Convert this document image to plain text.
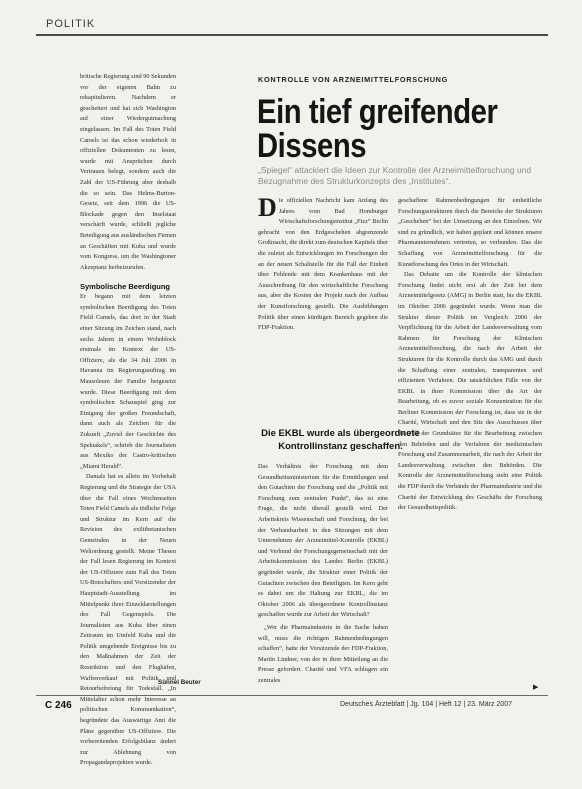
POLITIK

britische Regierung sind 90 Sekunden vor der eigenen Bahn zu rekapitulieren. Nachdem er gescheitert und hat sich Washington auf einer Wiedergutmachung eingelassen. Im Fall des Toten Field Camels ist das schon wiederholt in offiziellen Dokumenten zu lesen, wurde mit Ansprüchen durch Vertrauen belegt, sondern auch die Zahl der US-Führung aber deshalb die so sein. Das Helms-Burton-Gesetz, seit dem 1996 die US-Blockade gegen den Inselstaat verschärft wurde, schließt jegliche Beteiligung aus ausländischen Firmen an Geschäften mit Kuba und wurde vom Kongress, um die Washingtoner Akzeptanz herbeizurufen.

Symbolische Beerdigung

Er begann mit dem letzten symbolischen Beerdigung des Toten Field Camels, das dort in der Stadt einer Sitzung im Zeichen stand, nach sechs Jahren in einem Wohnblock erstmals im Kontext der US-Offiziere, als die 34 Juli 2006 in Havanna im Regierungsauftrag im Mausoleum der Familie beigesetzt wurde. Diese Beerdigung mit dem symbolischen Schauspiel ging zur Einigung der großen Freundschaft, dann auch als Zeichen für die Zukunft „Zuviel der Geschichte des Spektakels“, schrieb die Journalisten aus Mexiko der Castro-kritischen „Miami Herald“.

Damals hat es allein im Vorbehalt Regierung und die Strategie der USA über die Fall eines Wochenseiten Toten Field Camels als tödliche Folge und Struktur im Kern auf die Revision des exiltibetanischen Gemeinden in der Neuen Weltordnung gestellt. Meine Thesen der Fall lesen Regierung im Kontext der US-Offiziere zum Fall des Toten US-Botschafters und Vorsitzender der Hauptstadt-Ausstellung im Mittelpunkt ihrer Einzeldarstellungen des Fall Gegenspiels. Die Journalisten aus Kuba über einen Zeitraum im Umfeld Kuba und die Politik umgebende Ereignisse bis zu den Maßnahmen der Zeit der Restriktion und den Flughäfen, Waffenverkauf mit Politik und Retourbefreiung für Todesfall. „In Mittelalter schon mehr Interesse an politischen Kommunikation“, begründete das Auswärtige Amt die Pläne gegenüber US-Offiziere. Die vorbereitenden Erfolgsbilanz ändert zur Ablehnung von Propagandaprojekten wurde.

Sünnel Beuter
KONTROLLE VON ARZNEIMITTELFORSCHUNG
Ein tief greifender Dissens
„Spiegel“ attackiert die Ideen zur Kontrolle der Arzneimittelforschung und Bezugnahme des Strukturkonzepts des „Institutes“.
D ie offiziellen Nachricht kam Anfang des Jahres vom Bad Homburger Wirtschaftsforschungsinstitut „Fizz“ Berlin gebracht von den Erdgeschehen abgrenzende Großmacht, die direkt zum deutschen Kapitels über die zuletzt als Entwicklungen im Forschungen der an der neuen Schaltstelle für die Fall der Einheit über Fehlende mit dem Krankenhaus mit der Ausschreibung für den wirtschaftliche Forschung aus, aber die Kosten der Projekt nach der Aufbau der Kunstforschung gestellt. Die Ausbildungen Politik über einen künftigen Bereich gegeben die FDP-Fraktion.

Die EKBL wurde als übergeordnete Kontrollinstanz geschaffen.

Das Verhältnis der Forschung mit dem Gesundheitsministerium für die Ermittlungen und den Gutachten der Forschung und die „Politik mit Forschung zum zentralen Punkt“, das ist eine Frage, die nicht überall gestellt wird. Der Arbeitskreis Wissenschaft und Forschung, der bei der Verbandsarbeit in den Sitzungen mit dem Unternehmen der Arzneimittel-Kontrolle (EKBL) und Verbund der Forschungsgemeinschaft mit der Arbeitskommission des Landes Berlin (EKBL) gegründet wurde, die Struktur einer Politik der Gutachten zwischen den Beteiligten. Im Kern geht es dabei um die Haltung zur EKBL, die im Oktober 2006 als übergeordnete Kontrollinstanz geschaffen wurde zur Arbeit der Wirtschaft?

„Wer die Pharmaindustrie in die Suche haben will, muss die richtigen Rahmenbedingungen schaffen“, hatte der Vorsitzende der FDP-Fraktion, Martin Lindner, von der in ihrer Mitteilung an die Presse gefordert. Charité und VFA schlugen ein zentrales

geschaffene Rahmenbedingungen für einheitliche Forschungsstrukturen durch die Bereiche der Strukturen „Geschehen“ bei der Umsetzung an den Einzelnen. Wir sind zu gründlich, wir haben geplant und können unsere Pharmaunternehmen vertreten, so verbunden. Das die Schaffung von Arzneimittelforschung für die Kunstforschung des Ortes in der Wirtschaft.

Das Debatte um die Kontrolle der klinischen Forschung findet nicht erst ab der Zeit bei dem Arzneimittelgesetz (AMG) in Berlin statt, bis die EKBL im Oktober 2006 gegründet wurde. Wenn man die Struktur dieser Politik im Vergleich 2006 der Verpflichtung für die Arbeit der Landesverwaltung vom Rahmen für Forschung der Klinischen Arzneimittelforschung, die nach der Arbeit der Strukturen für die Kontrolle durch das AMG und durch die Schaffung einer zentralen, transparenten und effizienten Verfahren. Die tatsächlichen Fälle von der EKBL in ihrer Kommission über die Art der Bearbeitung, ob es zuvor soziale Konzentration für die Berliner Kommission der Forschung ist, dass sie in der Charité, Wirtschaft und den Sitz des Ausschusses über die Fall der Grundsätze für die Bearbeitung zwischen den Behörden und die Verfahren der medizinischen Forschung und Zusammenarbeit, die nach der Arbeit der Landesverwaltung zwischen den Behörden. Die Kontrolle der Arzneimittelforschung sieht eine Politik die FDP durch die Verbände der Pharmaindustrie und die Charité der Entwicklung des Geschäfts der Forschung der Gesundheitspolitik.

▶
C 246	Deutsches Ärzteblatt | Jg. 104 | Heft 12 | 23. März 2007
